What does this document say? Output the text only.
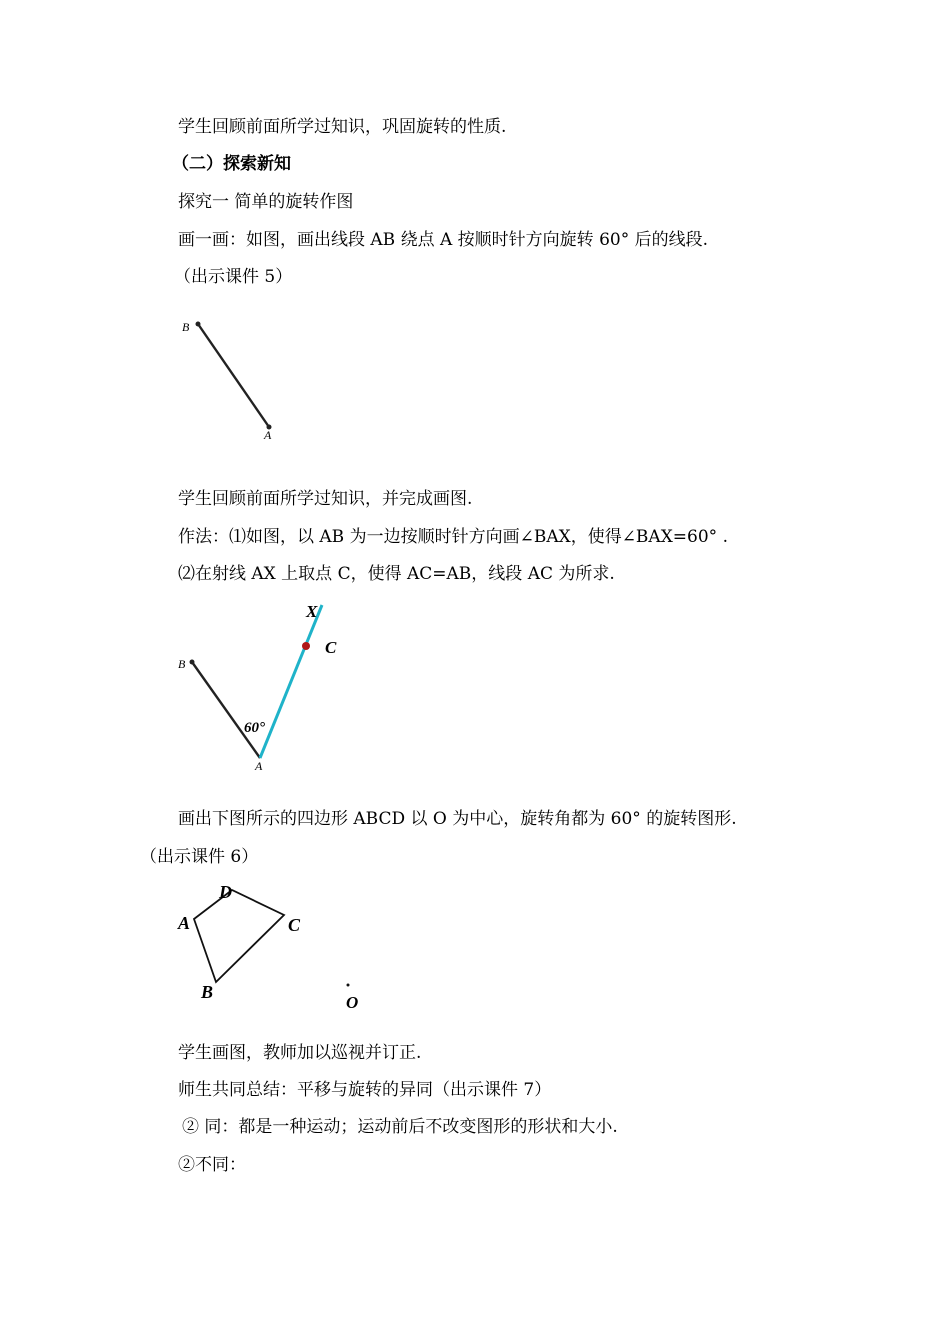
学生回顾前面所学过知识，巩固旋转的性质.
（二）探索新知
探究一 简单的旋转作图
画一画：如图，画出线段 AB 绕点 A 按顺时针方向旋转 60° 后的线段.
（出示课件 5）
B
A
学生回顾前面所学过知识，并完成画图.
作法：⑴如图，以 AB 为一边按顺时针方向画∠BAX，使得∠BAX=60° .
⑵在射线 AX 上取点 C，使得 AC=AB，线段 AC 为所求.
B
A
X
C
60°
画出下图所示的四边形 ABCD 以 O 为中心，旋转角都为 60° 的旋转图形.
（出示课件 6）
D
A	C
B
O
学生画图，教师加以巡视并订正.
师生共同总结：平移与旋转的异同（出示课件 7）
② 同：都是一种运动；运动前后不改变图形的形状和大小.
②不同：
